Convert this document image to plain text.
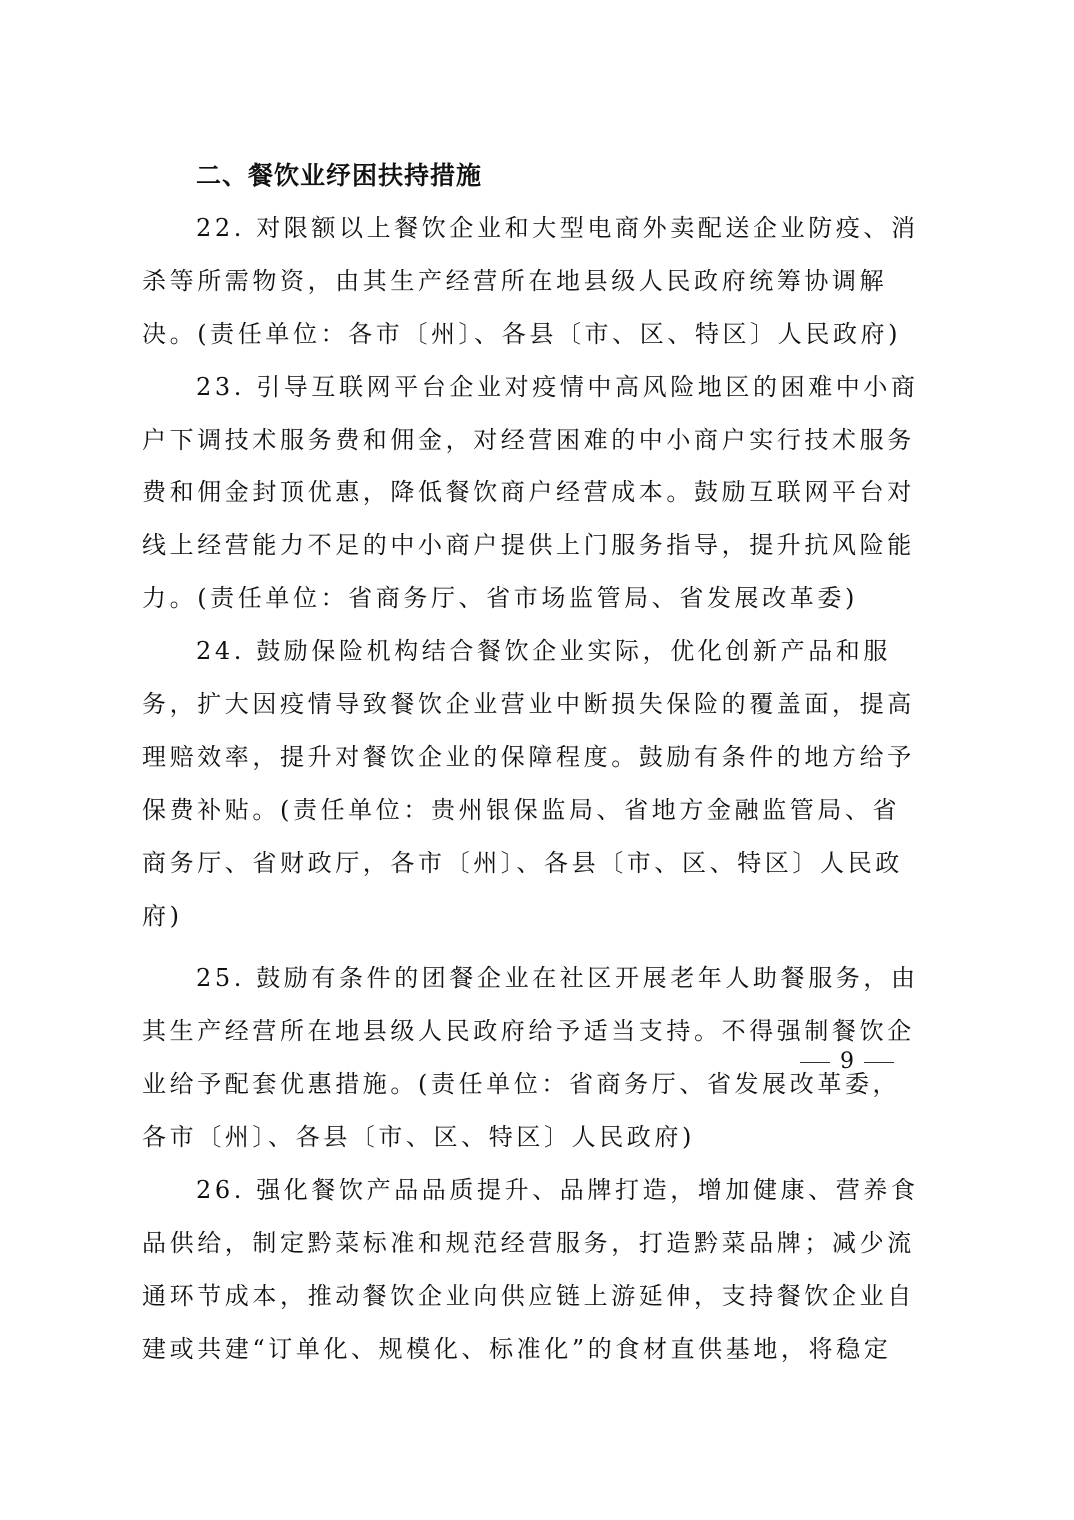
二、餐饮业纾困扶持措施
22. 对限额以上餐饮企业和大型电商外卖配送企业防疫、消
杀等所需物资，由其生产经营所在地县级人民政府统筹协调解
决。(责任单位：各市〔州〕、各县〔市、区、特区〕人民政府)
23. 引导互联网平台企业对疫情中高风险地区的困难中小商
户下调技术服务费和佣金，对经营困难的中小商户实行技术服务
费和佣金封顶优惠，降低餐饮商户经营成本。鼓励互联网平台对
线上经营能力不足的中小商户提供上门服务指导，提升抗风险能
力。(责任单位：省商务厅、省市场监管局、省发展改革委)
24. 鼓励保险机构结合餐饮企业实际，优化创新产品和服
务，扩大因疫情导致餐饮企业营业中断损失保险的覆盖面，提高
理赔效率，提升对餐饮企业的保障程度。鼓励有条件的地方给予
保费补贴。(责任单位：贵州银保监局、省地方金融监管局、省
商务厅、省财政厅，各市〔州〕、各县〔市、区、特区〕人民政
府)
25. 鼓励有条件的团餐企业在社区开展老年人助餐服务，由
其生产经营所在地县级人民政府给予适当支持。不得强制餐饮企
业给予配套优惠措施。(责任单位：省商务厅、省发展改革委，
各市〔州〕、各县〔市、区、特区〕人民政府)
26. 强化餐饮产品品质提升、品牌打造，增加健康、营养食
品供给，制定黔菜标准和规范经营服务，打造黔菜品牌；减少流
通环节成本，推动餐饮企业向供应链上游延伸，支持餐饮企业自
建或共建“订单化、规模化、标准化”的食材直供基地，将稳定
9
